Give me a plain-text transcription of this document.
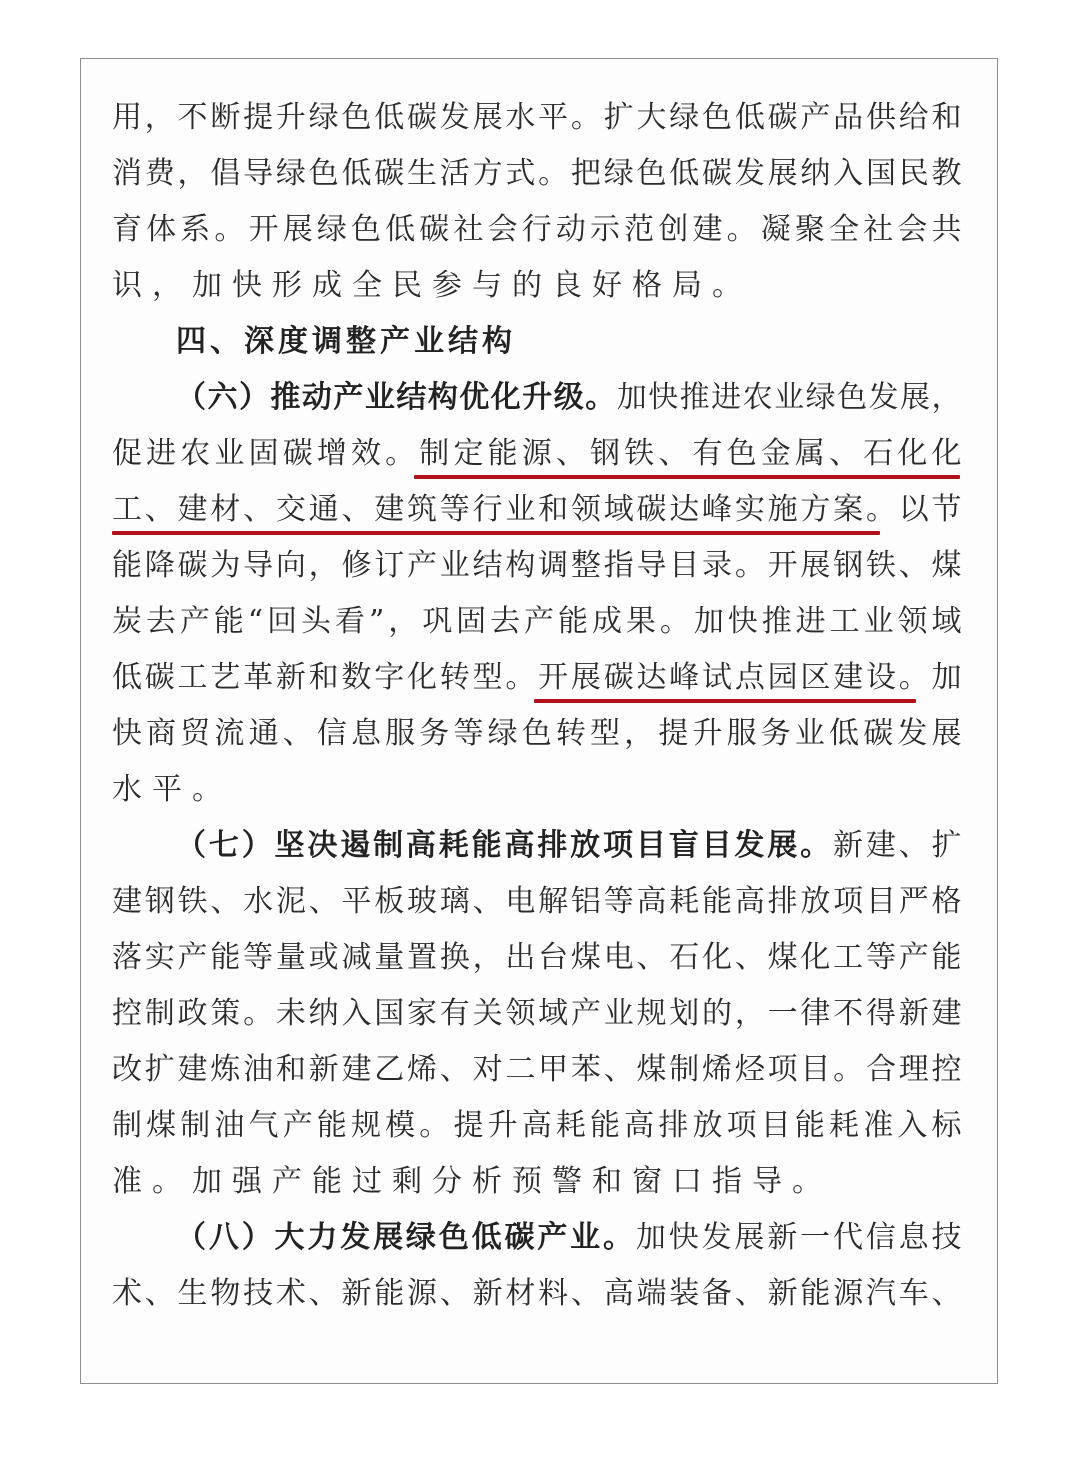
用，不断提升绿色低碳发展水平。扩大绿色低碳产品供给和
消费，倡导绿色低碳生活方式。把绿色低碳发展纳入国民教
育体系。开展绿色低碳社会行动示范创建。凝聚全社会共
识，加快形成全民参与的良好格局。
四、深度调整产业结构
（六）推动产业结构优化升级。加快推进农业绿色发展，
促进农业固碳增效。制定能源、钢铁、有色金属、石化化
工、建材、交通、建筑等行业和领域碳达峰实施方案。以节
能降碳为导向，修订产业结构调整指导目录。开展钢铁、煤
炭去产能“回头看”，巩固去产能成果。加快推进工业领域
低碳工艺革新和数字化转型。开展碳达峰试点园区建设。加
快商贸流通、信息服务等绿色转型，提升服务业低碳发展
水平。
（七）坚决遏制高耗能高排放项目盲目发展。新建、扩
建钢铁、水泥、平板玻璃、电解铝等高耗能高排放项目严格
落实产能等量或减量置换，出台煤电、石化、煤化工等产能
控制政策。未纳入国家有关领域产业规划的，一律不得新建
改扩建炼油和新建乙烯、对二甲苯、煤制烯烃项目。合理控
制煤制油气产能规模。提升高耗能高排放项目能耗准入标
准。加强产能过剩分析预警和窗口指导。
（八）大力发展绿色低碳产业。加快发展新一代信息技
术、生物技术、新能源、新材料、高端装备、新能源汽车、
